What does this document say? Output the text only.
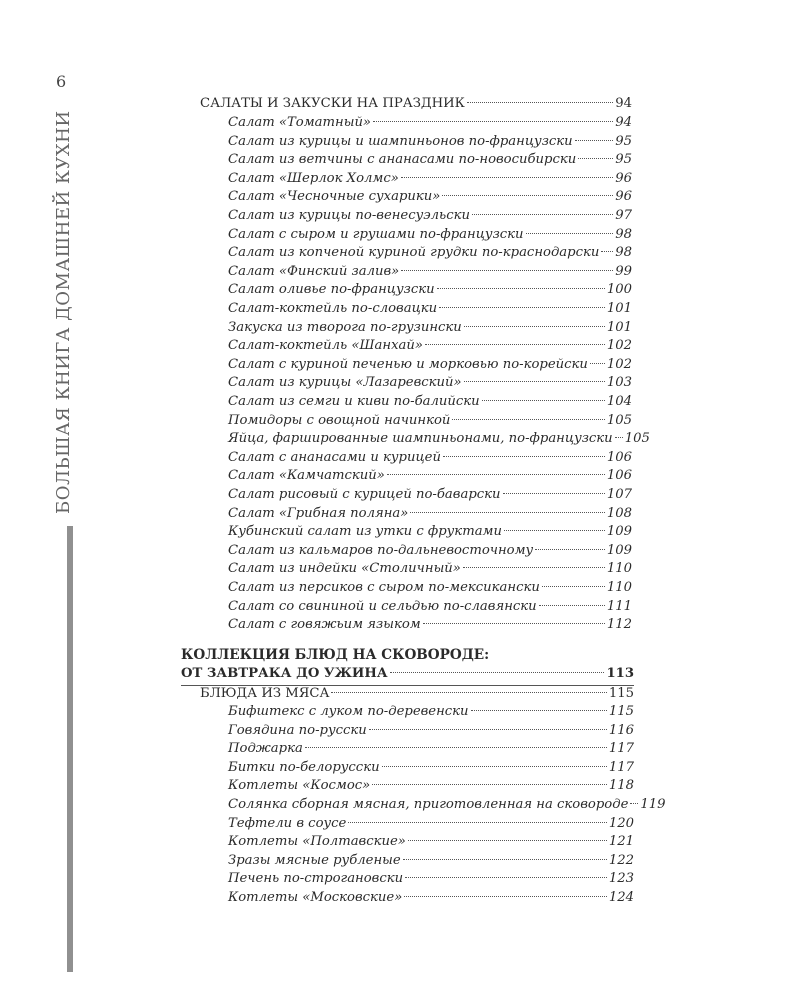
6
БОЛЬШАЯ КНИГА ДОМАШНЕЙ КУХНИ
САЛАТЫ И ЗАКУСКИ НА ПРАЗДНИК	94
Салат «Томатный»	94
Салат из курицы и шампиньонов по-французски	95
Салат из ветчины с ананасами по-новосибирски	95
Салат «Шерлок Холмс»	96
Салат «Чесночные сухарики»	96
Салат из курицы по-венесуэльски	97
Салат с сыром и грушами по-французски	98
Салат из копченой куриной грудки по-краснодарски 98
Салат «Финский залив»	99
Салат оливье по-французски	100
Салат-коктейль по-словацки	101
Закуска из творога по-грузински	101
Салат-коктейль «Шанхай»	102
Салат с куриной печенью и морковью по-корейски 102
Салат из курицы «Лазаревский»	103
Салат из семги и киви по-балийски	104
Помидоры с овощной начинкой	105
Яйца, фаршированные шампиньонами, по-французски 105
Салат с ананасами и курицей	106
Салат «Камчатский»	106
Салат рисовый с курицей по-баварски	107
Салат «Грибная поляна»	108
Кубинский салат из утки с фруктами	109
Салат из кальмаров по-дальневосточному	109
Салат из индейки «Столичный»	110
Салат из персиков с сыром по-мексикански	110
Салат со свининой и сельдью по-славянски	111
Салат с говяжьим языком	112
КОЛЛЕКЦИЯ БЛЮД НА СКОВОРОДЕ:
ОТ ЗАВТРАКА ДО УЖИНА	113
БЛЮДА ИЗ МЯСА	115
Бифштекс с луком по-деревенски	115
Говядина по-русски	116
Поджарка	117
Битки по-белорусски	117
Котлеты «Космос»	118
Солянка сборная мясная, приготовленная на сковороде 119
Тефтели в соусе	120
Котлеты «Полтавские»	121
Зразы мясные рубленые	122
Печень по-строгановски	123
Котлеты «Московские»	124
